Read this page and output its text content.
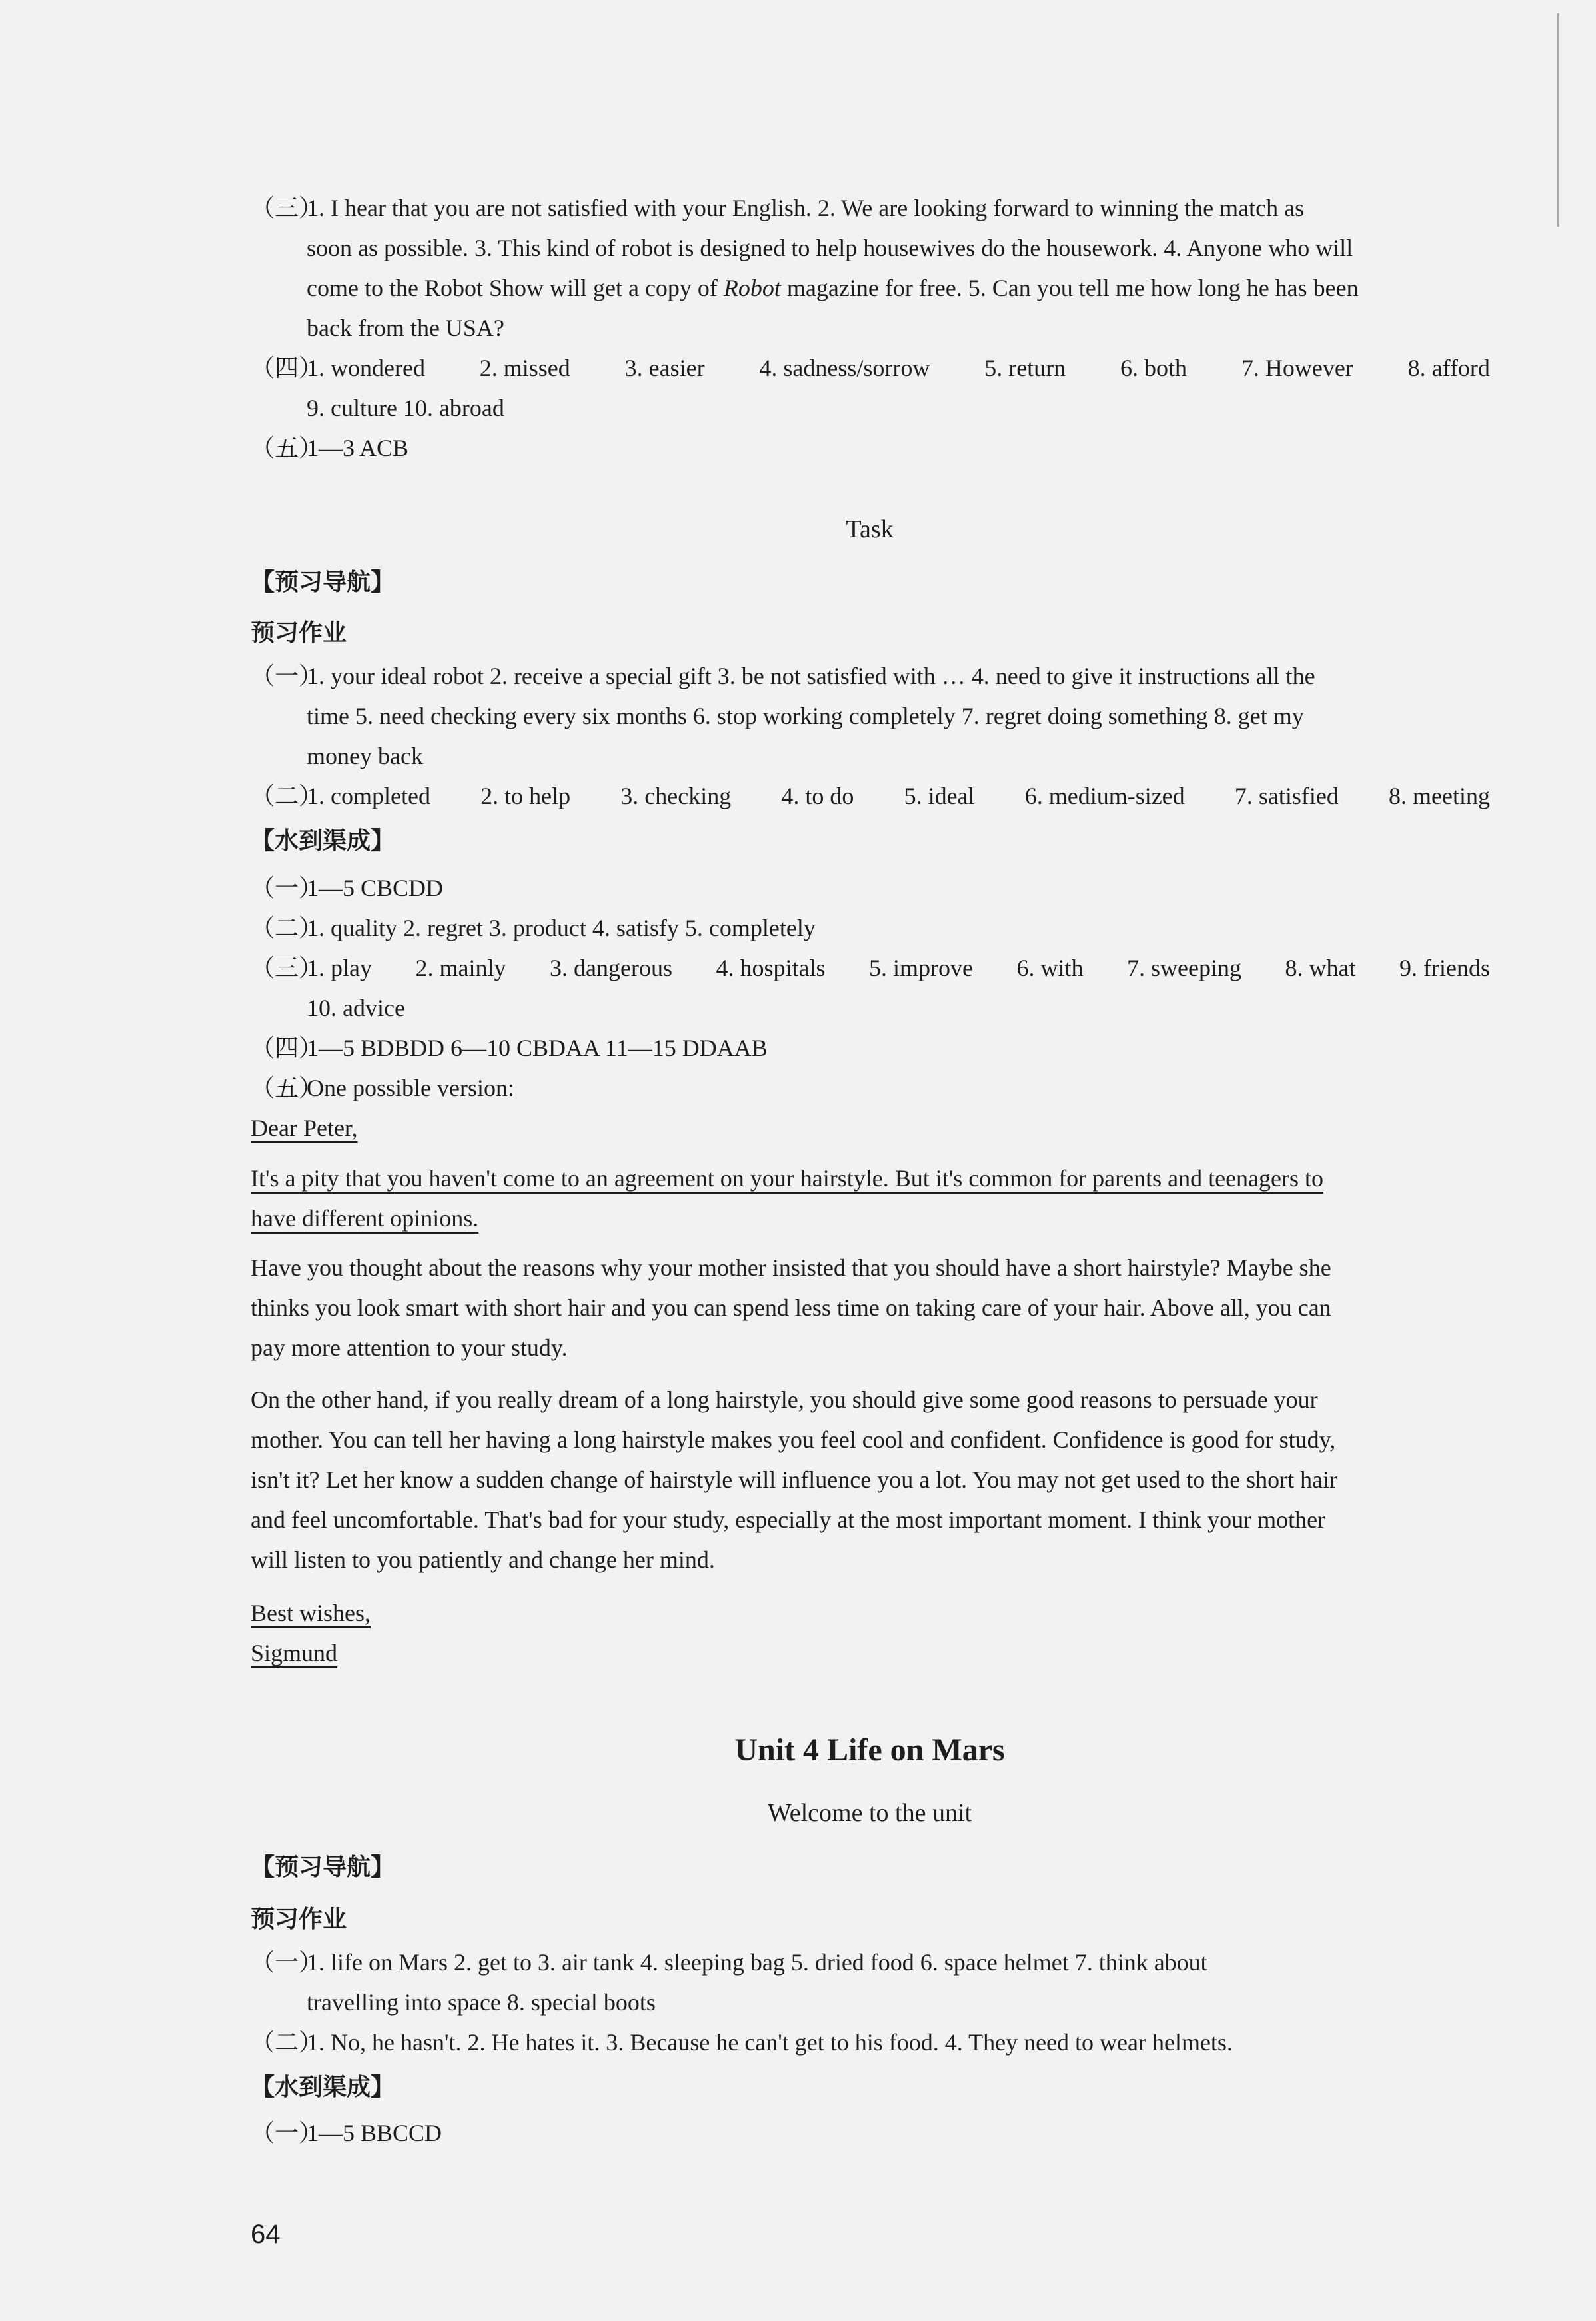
（三）1. I hear that you are not satisfied with your English. 2. We are looking forward to winning the match as
soon as possible. 3. This kind of robot is designed to help housewives do the housework. 4. Anyone who will
come to the Robot Show will get a copy of Robot magazine for free. 5. Can you tell me how long he has been
back from the USA?
（四）
1. wondered 2. missed 3. easier 4. sadness/sorrow 5. return 6. both 7. However 8. afford
9. culture 10. abroad
（五）1—3 ACB
Task
【预习导航】
预习作业
（一）1. your ideal robot 2. receive a special gift 3. be not satisfied with … 4. need to give it instructions all the
time 5. need checking every six months 6. stop working completely 7. regret doing something 8. get my
money back
（二）
1. completed 2. to help 3. checking 4. to do 5. ideal 6. medium-sized 7. satisfied 8. meeting
【水到渠成】
（一）1—5 CBCDD
（二）1. quality 2. regret 3. product 4. satisfy 5. completely
（三）
1. play 2. mainly 3. dangerous 4. hospitals 5. improve 6. with 7. sweeping 8. what 9. friends
10. advice
（四）1—5 BDBDD 6—10 CBDAA 11—15 DDAAB
（五）One possible version:
Dear Peter,
It's a pity that you haven't come to an agreement on your hairstyle. But it's common for parents and teenagers to
have different opinions.
Have you thought about the reasons why your mother insisted that you should have a short hairstyle? Maybe she
thinks you look smart with short hair and you can spend less time on taking care of your hair. Above all, you can
pay more attention to your study.
On the other hand, if you really dream of a long hairstyle, you should give some good reasons to persuade your
mother. You can tell her having a long hairstyle makes you feel cool and confident. Confidence is good for study,
isn't it? Let her know a sudden change of hairstyle will influence you a lot. You may not get used to the short hair
and feel uncomfortable. That's bad for your study, especially at the most important moment. I think your mother
will listen to you patiently and change her mind.
Best wishes,
Sigmund
Unit 4 Life on Mars
Welcome to the unit
【预习导航】
预习作业
（一）1. life on Mars 2. get to 3. air tank 4. sleeping bag 5. dried food 6. space helmet 7. think about
travelling into space 8. special boots
（二）1. No, he hasn't. 2. He hates it. 3. Because he can't get to his food. 4. They need to wear helmets.
【水到渠成】
（一）1—5 BBCCD
64
